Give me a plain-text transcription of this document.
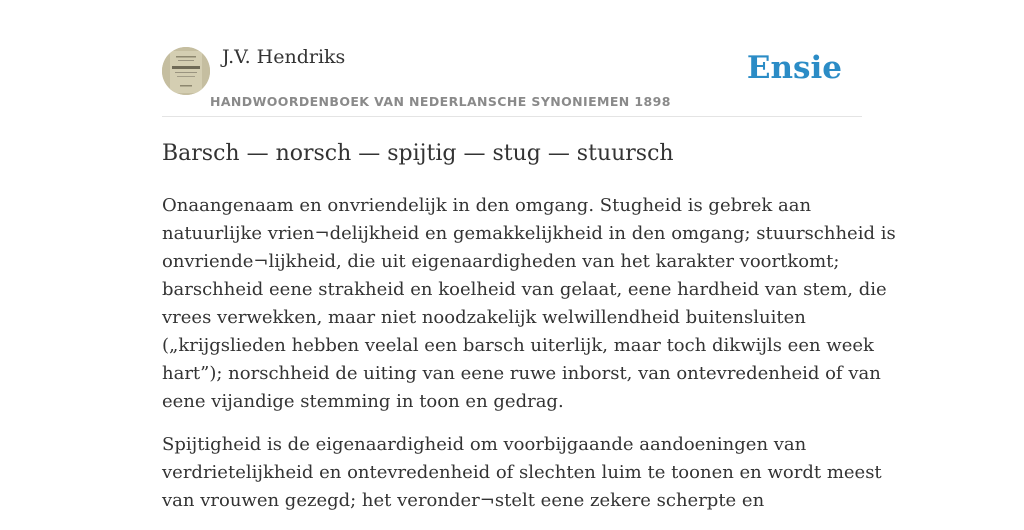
J.V. Hendriks
HANDWOORDENBOEK VAN NEDERLANSCHE SYNONIEMEN 1898
Ensie
Barsch — norsch — spijtig — stug — stuursch

Onaangenaam en onvriendelijk in den omgang. Stugheid is gebrek aan
natuurlijke vrien¬delijkheid en gemakkelijkheid in den omgang; stuurschheid is
onvriende¬lijkheid, die uit eigenaardigheden van het karakter voortkomt;
barschheid eene strakheid en koelheid van gelaat, eene hardheid van stem, die
vrees verwekken, maar niet noodzakelijk welwillendheid buitensluiten
(„krijgslieden hebben veelal een barsch uiterlijk, maar toch dikwijls een week
hart”); norschheid de uiting van eene ruwe inborst, van ontevredenheid of van
eene vijandige stemming in toon en gedrag.

Spijtigheid is de eigenaardigheid om voorbijgaande aandoeningen van
verdrietelijkheid en ontevredenheid of slechten luim te toonen en wordt meest
van vrouwen gezegd; het veronder¬stelt eene zekere scherpte en
